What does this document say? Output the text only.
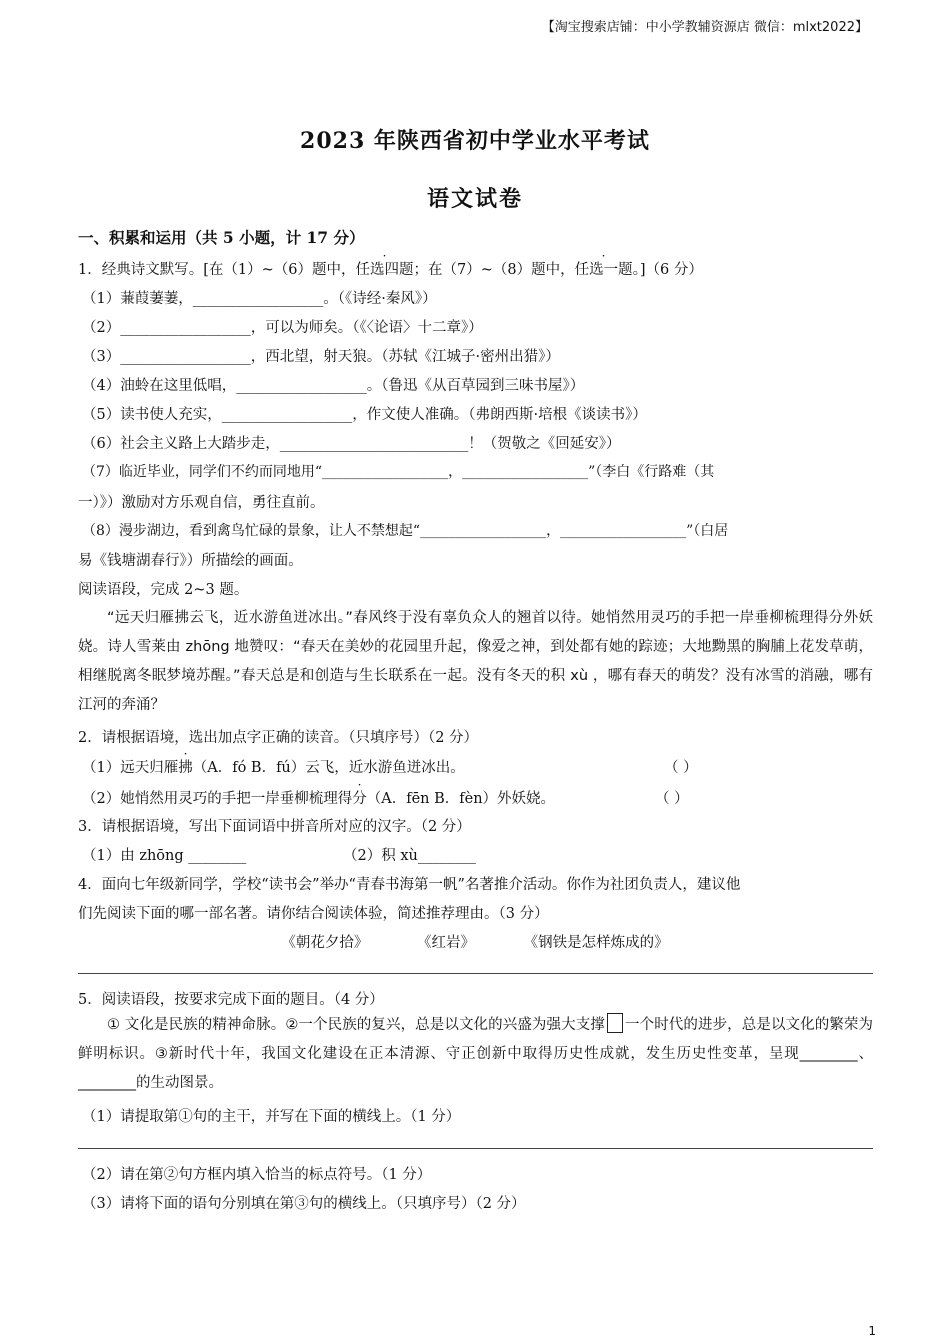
【淘宝搜索店铺：中小学教辅资源店 微信：mlxt2022】
2023 年陕西省初中学业水平考试
语文试卷
一、积累和运用（共 5 小题，计 17 分）
1．经典诗文默写。[在（1）~（6）题中，任选四题；在（7）~（8）题中，任选一题。]（6 分）
（1）蒹葭萋萋，__________________。（《诗经·秦风》）
（2）__________________，可以为师矣。（《〈论语〉十二章》）
（3）__________________，西北望，射天狼。（苏轼《江城子·密州出猎》）
（4）油蛉在这里低唱，__________________。（鲁迅《从百草园到三味书屋》）
（5）读书使人充实，__________________，作文使人准确。（弗朗西斯·培根《谈读书》）
（6）社会主义路上大踏步走，__________________________！（贺敬之《回延安》）
（7）临近毕业，同学们不约而同地用“__________________，__________________”（李白《行路难（其
一）》）激励对方乐观自信，勇往直前。
（8）漫步湖边，看到禽鸟忙碌的景象，让人不禁想起“__________________，__________________”（白居
易《钱塘湖春行》）所描绘的画面。
阅读语段，完成 2~3 题。

“远天归雁拂云飞，近水游鱼迸冰出。”春风终于没有辜负众人的翘首以待。她悄然用灵巧的手把一岸垂柳梳理得分外妖娆。诗人雪莱由 zhōng 地赞叹：“春天在美妙的花园里升起，像爱之神，到处都有她的踪迹；大地黝黑的胸脯上花发草萌，相继脱离冬眠梦境苏醒。”春天总是和创造与生长联系在一起。没有冬天的积 xù ，哪有春天的萌发？没有冰雪的消融，哪有江河的奔涌？

2．请根据语境，选出加点字正确的读音。（只填序号）（2 分）
（1）远天归雁拂（A．fó B．fú）云飞，近水游鱼迸冰出。	（ ）
（2）她悄然用灵巧的手把一岸垂柳梳理得分（A．fēn B．fèn）外妖娆。	（ ）
3．请根据语境，写出下面词语中拼音所对应的汉字。（2 分）
（1）由 zhōng ________	（2）积 xù________
4．面向七年级新同学，学校“读书会”举办“青春书海第一帆”名著推介活动。你作为社团负责人，建议他
们先阅读下面的哪一部名著。请你结合阅读体验，简述推荐理由。（3 分）
《朝花夕拾》	《红岩》	《钢铁是怎样炼成的》
5．阅读语段，按要求完成下面的题目。（4 分）

① 文化是民族的精神命脉。②一个民族的复兴，总是以文化的兴盛为强大支撑 一个时代的进步，总是以文化的繁荣为鲜明标识。③新时代十年，我国文化建设在正本清源、守正创新中取得历史性成就，发生历史性变革，呈现________、________的生动图景。

（1）请提取第①句的主干，并写在下面的横线上。（1 分）
（2）请在第②句方框内填入恰当的标点符号。（1 分）
（3）请将下面的语句分别填在第③句的横线上。（只填序号）（2 分）
1
